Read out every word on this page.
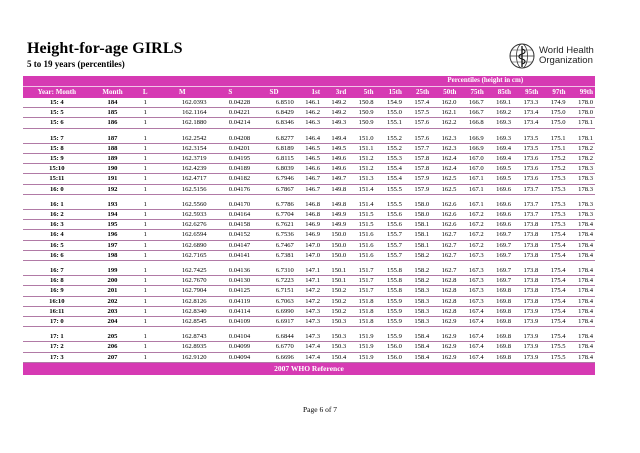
Height-for-age GIRLS
5 to 19 years (percentiles)
World Health
Organization
									Percentiles (height in cm)							
Year: Month	Month	L	M	S	SD	1st	3rd	5th	15th	25th	50th	75th	85th	95th	97th	99th
15: 4	184	1	162.0393	0.04228	6.8510	146.1	149.2	150.8	154.9	157.4	162.0	166.7	169.1	173.3	174.9	178.0
15: 5	185	1	162.1164	0.04221	6.8429	146.2	149.2	150.9	155.0	157.5	162.1	166.7	169.2	173.4	175.0	178.0
15: 6	186	1	162.1880	0.04214	6.8346	146.3	149.3	150.9	155.1	157.6	162.2	166.8	169.3	173.4	175.0	178.1

15: 7	187	1	162.2542	0.04208	6.8277	146.4	149.4	151.0	155.2	157.6	162.3	166.9	169.3	173.5	175.1	178.1
15: 8	188	1	162.3154	0.04201	6.8189	146.5	149.5	151.1	155.2	157.7	162.3	166.9	169.4	173.5	175.1	178.2
15: 9	189	1	162.3719	0.04195	6.8115	146.5	149.6	151.2	155.3	157.8	162.4	167.0	169.4	173.6	175.2	178.2
15:10	190	1	162.4239	0.04189	6.8039	146.6	149.6	151.2	155.4	157.8	162.4	167.0	169.5	173.6	175.2	178.3
15:11	191	1	162.4717	0.04182	6.7946	146.7	149.7	151.3	155.4	157.9	162.5	167.1	169.5	173.6	175.3	178.3
16: 0	192	1	162.5156	0.04176	6.7867	146.7	149.8	151.4	155.5	157.9	162.5	167.1	169.6	173.7	175.3	178.3

16: 1	193	1	162.5560	0.04170	6.7786	146.8	149.8	151.4	155.5	158.0	162.6	167.1	169.6	173.7	175.3	178.3
16: 2	194	1	162.5933	0.04164	6.7704	146.8	149.9	151.5	155.6	158.0	162.6	167.2	169.6	173.7	175.3	178.3
16: 3	195	1	162.6276	0.04158	6.7621	146.9	149.9	151.5	155.6	158.1	162.6	167.2	169.6	173.8	175.3	178.4
16: 4	196	1	162.6594	0.04152	6.7536	146.9	150.0	151.6	155.7	158.1	162.7	167.2	169.7	173.8	175.4	178.4
16: 5	197	1	162.6890	0.04147	6.7467	147.0	150.0	151.6	155.7	158.1	162.7	167.2	169.7	173.8	175.4	178.4
16: 6	198	1	162.7165	0.04141	6.7381	147.0	150.0	151.6	155.7	158.2	162.7	167.3	169.7	173.8	175.4	178.4

16: 7	199	1	162.7425	0.04136	6.7310	147.1	150.1	151.7	155.8	158.2	162.7	167.3	169.7	173.8	175.4	178.4
16: 8	200	1	162.7670	0.04130	6.7223	147.1	150.1	151.7	155.8	158.2	162.8	167.3	169.7	173.8	175.4	178.4
16: 9	201	1	162.7904	0.04125	6.7151	147.2	150.2	151.7	155.8	158.3	162.8	167.3	169.8	173.8	175.4	178.4
16:10	202	1	162.8126	0.04119	6.7063	147.2	150.2	151.8	155.9	158.3	162.8	167.3	169.8	173.8	175.4	178.4
16:11	203	1	162.8340	0.04114	6.6990	147.3	150.2	151.8	155.9	158.3	162.8	167.4	169.8	173.9	175.4	178.4
17: 0	204	1	162.8545	0.04109	6.6917	147.3	150.3	151.8	155.9	158.3	162.9	167.4	169.8	173.9	175.4	178.4

17: 1	205	1	162.8743	0.04104	6.6844	147.3	150.3	151.9	155.9	158.4	162.9	167.4	169.8	173.9	175.4	178.4
17: 2	206	1	162.8935	0.04099	6.6770	147.4	150.3	151.9	156.0	158.4	162.9	167.4	169.8	173.9	175.5	178.4
17: 3	207	1	162.9120	0.04094	6.6696	147.4	150.4	151.9	156.0	158.4	162.9	167.4	169.8	173.9	175.5	178.4
2007 WHO Reference																
Page 6 of 7
